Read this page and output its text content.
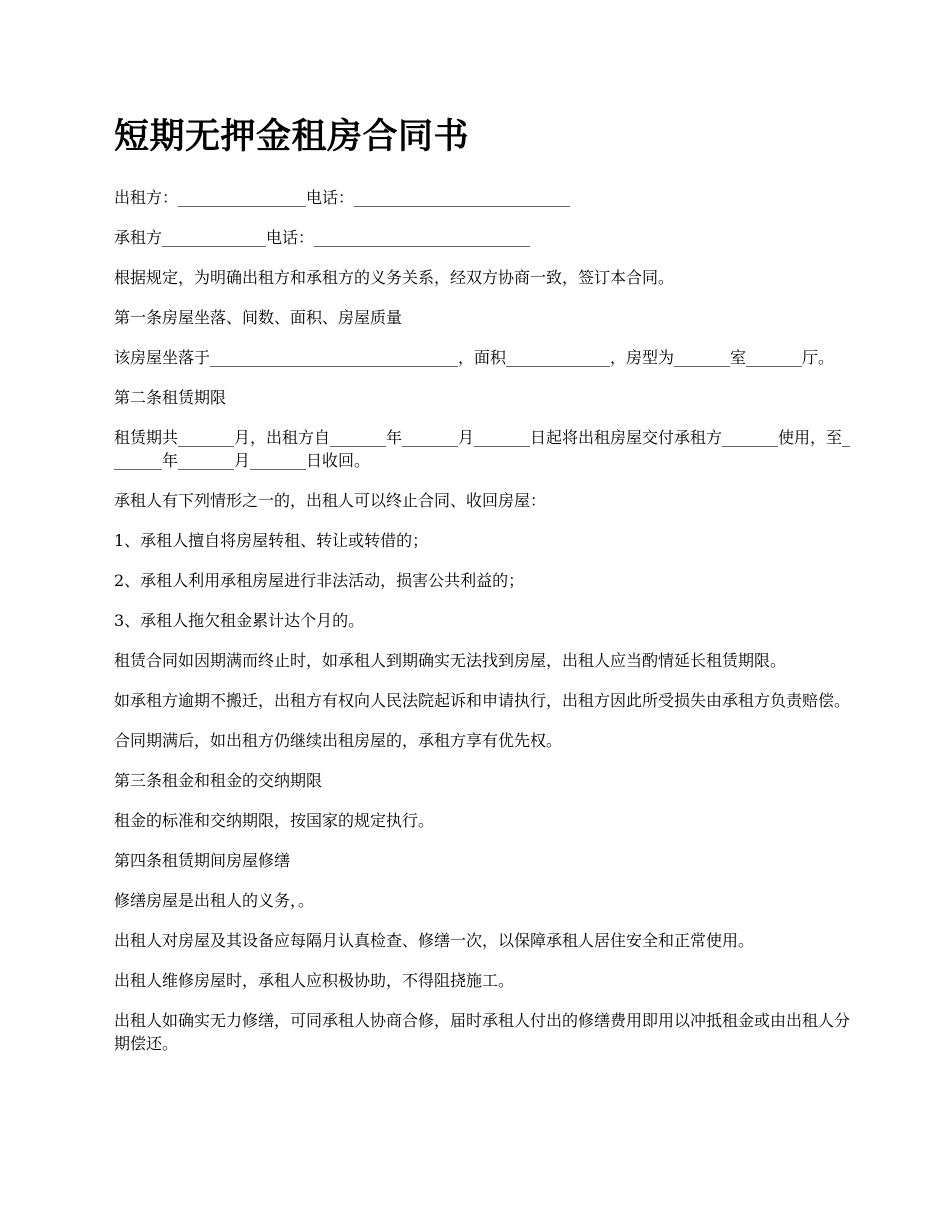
短期无押金租房合同书

出租方：________________电话：___________________________

承租方_____________电话：___________________________

根据规定，为明确出租方和承租方的义务关系，经双方协商一致，签订本合同。

第一条房屋坐落、间数、面积、房屋质量

该房屋坐落于_______________________________，面积_____________，房型为_______室_______厅。

第二条租赁期限

租赁期共_______月，出租方自_______年_______月_______日起将出租房屋交付承租方_______使用，至_______年_______月_______日收回。

承租人有下列情形之一的，出租人可以终止合同、收回房屋：

1、承租人擅自将房屋转租、转让或转借的；

2、承租人利用承租房屋进行非法活动，损害公共利益的；

3、承租人拖欠租金累计达个月的。

租赁合同如因期满而终止时，如承租人到期确实无法找到房屋，出租人应当酌情延长租赁期限。

如承租方逾期不搬迁，出租方有权向人民法院起诉和申请执行，出租方因此所受损失由承租方负责赔偿。

合同期满后，如出租方仍继续出租房屋的，承租方享有优先权。

第三条租金和租金的交纳期限

租金的标准和交纳期限，按国家的规定执行。

第四条租赁期间房屋修缮

修缮房屋是出租人的义务，。

出租人对房屋及其设备应每隔月认真检查、修缮一次，以保障承租人居住安全和正常使用。

出租人维修房屋时，承租人应积极协助，不得阻挠施工。

出租人如确实无力修缮，可同承租人协商合修，届时承租人付出的修缮费用即用以冲抵租金或由出租人分期偿还。
